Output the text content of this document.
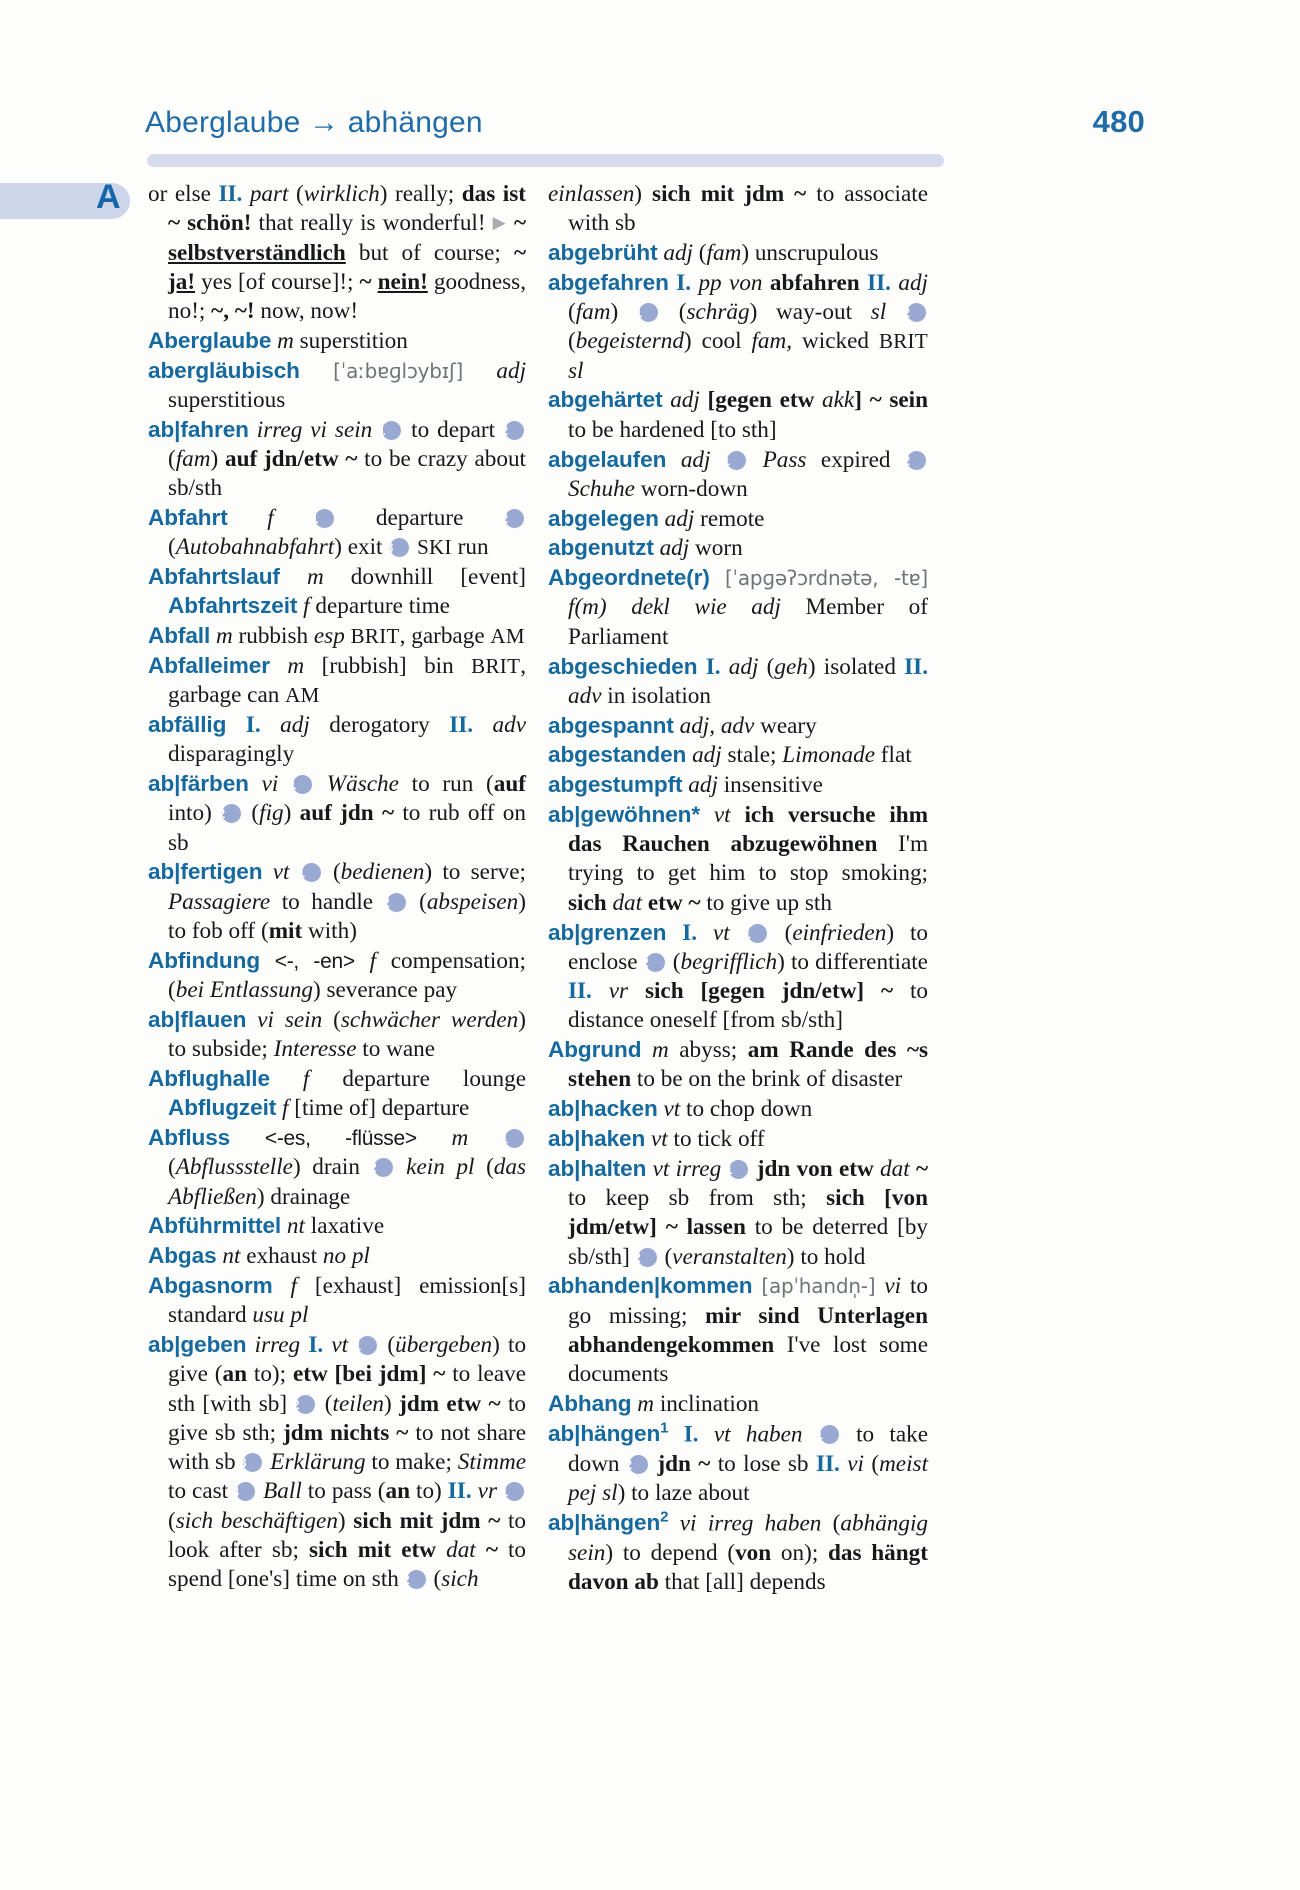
Aberglaube → abhängen	480
A or else II. part (wirklich) really; das ist ~ schön! that really is wonderful! ▶ ~ selbstverständlich but of course; ~ ja! yes [of course]!; ~ nein! goodness, no!; ~, ~! now, now!

Aberglaube m superstition

abergläubisch [ˈaːbɐɡlɔybɪʃ] adj superstitious

ab|fahren irreg vi sein 1 to depart 2 (fam) auf jdn/etw ~ to be crazy about sb/sth

Abfahrt f	1 departure 2 (Autobahnabfahrt) exit 3 SKI run

Abfahrtslauf m downhill [event] Abfahrtszeit f departure time

Abfall m rubbish esp BRIT, garbage AM

Abfalleimer m [rubbish] bin BRIT, garbage can AM

abfällig I. adj derogatory II. adv disparagingly

ab|färben vi 1 Wäsche to run (auf into) 2 (fig) auf jdn ~ to rub off on sb

ab|fertigen vt 1 (bedienen) to serve; Passagiere to handle 2 (abspeisen) to fob off (mit with)

Abfindung <-, -en> f compensation; (bei Entlassung) severance pay

ab|flauen vi sein (schwächer werden) to subside; Interesse to wane

Abflughalle f departure lounge Abflugzeit f [time of] departure

Abfluss <-es, -flüsse> m	1 (Abflussstelle) drain 2 kein pl (das Abfließen) drainage

Abführmittel nt laxative

Abgas nt exhaust no pl

Abgasnorm f [exhaust] emission[s] standard usu pl

ab|geben irreg I. vt 1 (übergeben) to give (an to); etw [bei jdm] ~ to leave sth [with sb] 2 (teilen) jdm etw ~ to give sb sth; jdm nichts ~ to not share with sb 3 Erklärung to make; Stimme to cast 4 Ball to pass (an to) II. vr 1 (sich beschäftigen) sich mit jdm ~ to look after sb; sich mit etw dat ~ to spend [one's] time on sth 2 (sich

einlassen) sich mit jdm ~ to associate with sb

abgebrüht adj (fam) unscrupulous

abgefahren I. pp von abfahren II. adj (fam) 1 (schräg) way-out sl 2 (begeisternd) cool fam, wicked BRIT sl

abgehärtet adj [gegen etw akk] ~ sein to be hardened [to sth]

abgelaufen adj 1 Pass expired 2 Schuhe worn-down

abgelegen adj remote

abgenutzt adj worn

Abgeordnete(r) [ˈapɡəʔɔrdnətə, -tɐ] f(m) dekl wie adj Member of Parliament

abgeschieden I. adj (geh) isolated II. adv in isolation

abgespannt adj, adv weary

abgestanden adj stale; Limonade flat

abgestumpft adj insensitive

ab|gewöhnen* vt ich versuche ihm das Rauchen abzugewöhnen I'm trying to get him to stop smoking; sich dat etw ~ to give up sth

ab|grenzen I. vt 1 (einfrieden) to enclose 2 (begrifflich) to differentiate II. vr sich [gegen jdn/etw] ~ to distance oneself [from sb/sth]

Abgrund m abyss; am Rande des ~s stehen to be on the brink of disaster

ab|hacken vt to chop down

ab|haken vt to tick off

ab|halten vt irreg 1 jdn von etw dat ~ to keep sb from sth; sich [von jdm/etw] ~ lassen to be deterred [by sb/sth] 2 (veranstalten) to hold

abhanden|kommen [apˈhandn̩-] vi to go missing; mir sind Unterlagen abhandengekommen I've lost some documents

Abhang m inclination

ab|hängen$^1$ I. vt haben 1 to take down 2 jdn ~ to lose sb II. vi (meist pej sl) to laze about

ab|hängen$^2$ vi irreg haben (abhängig sein) to depend (von on); das hängt davon ab that [all] depends
